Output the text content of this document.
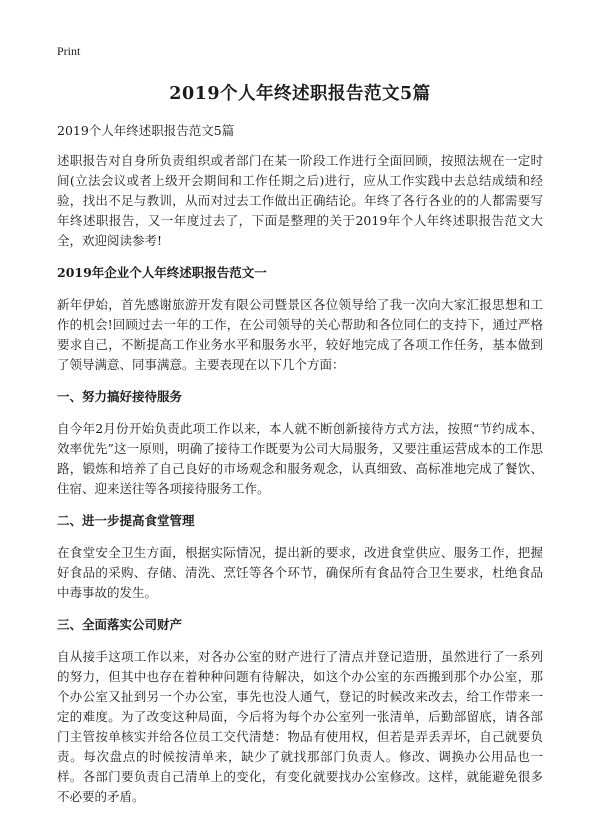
Print
2019个人年终述职报告范文5篇
2019个人年终述职报告范文5篇
述职报告对自身所负责组织或者部门在某一阶段工作进行全面回顾，按照法规在一定时间(立法会议或者上级开会期间和工作任期之后)进行，应从工作实践中去总结成绩和经验，找出不足与教训，从而对过去工作做出正确结论。年终了各行各业的的人都需要写年终述职报告，又一年度过去了，下面是整理的关于2019年个人年终述职报告范文大全，欢迎阅读参考!
2019年企业个人年终述职报告范文一
新年伊始，首先感谢旅游开发有限公司暨景区各位领导给了我一次向大家汇报思想和工作的机会!回顾过去一年的工作，在公司领导的关心帮助和各位同仁的支持下，通过严格要求自己，不断提高工作业务水平和服务水平，较好地完成了各项工作任务，基本做到了领导满意、同事满意。主要表现在以下几个方面：
一、努力搞好接待服务
自今年2月份开始负责此项工作以来，本人就不断创新接待方式方法，按照“节约成本、效率优先”这一原则，明确了接待工作既要为公司大局服务，又要注重运营成本的工作思路，锻炼和培养了自己良好的市场观念和服务观念，认真细致、高标准地完成了餐饮、住宿、迎来送往等各项接待服务工作。
二、进一步提高食堂管理
在食堂安全卫生方面，根据实际情况，提出新的要求，改进食堂供应、服务工作，把握好食品的采购、存储、清洗、烹饪等各个环节，确保所有食品符合卫生要求，杜绝食品中毒事故的发生。
三、全面落实公司财产
自从接手这项工作以来，对各办公室的财产进行了清点并登记造册，虽然进行了一系列的努力，但其中也存在着种种问题有待解决，如这个办公室的东西搬到那个办公室，那个办公室又扯到另一个办公室，事先也没人通气，登记的时候改来改去，给工作带来一定的难度。为了改变这种局面，今后将为每个办公室列一张清单，后勤部留底，请各部门主管按单核实并给各位员工交代清楚：物品有使用权，但若是弄丢弄坏，自己就要负责。每次盘点的时候按清单来，缺少了就找那部门负责人。修改、调换办公用品也一样。各部门要负责自己清单上的变化，有变化就要找办公室修改。这样，就能避免很多不必要的矛盾。
